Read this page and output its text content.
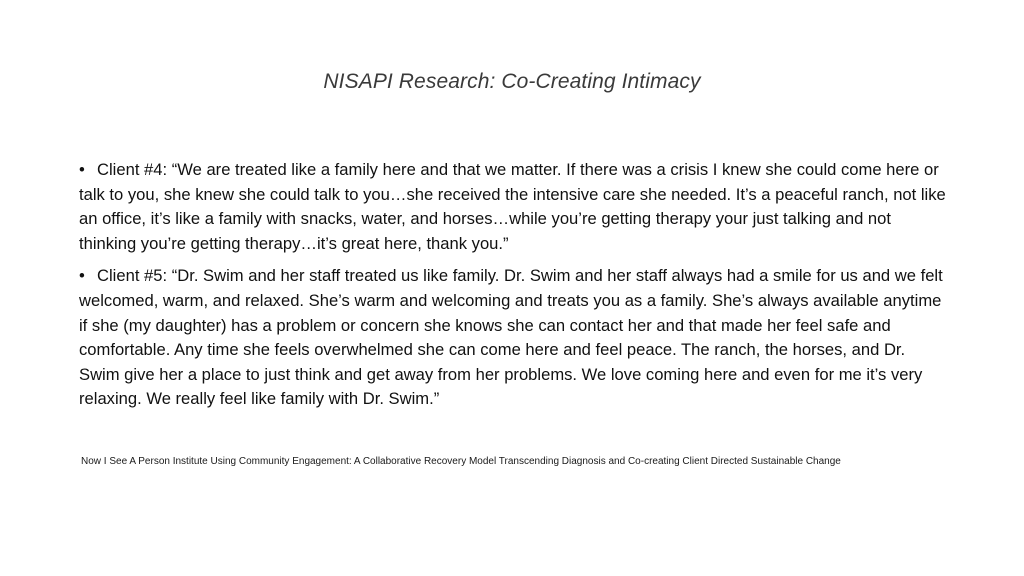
NISAPI Research: Co-Creating Intimacy
• Client #4: “We are treated like a family here and that we matter. If there was a crisis I knew she could come here or talk to you, she knew she could talk to you…she received the intensive care she needed. It’s a peaceful ranch, not like an office, it’s like a family with snacks, water, and horses…while you’re getting therapy your just talking and not thinking you’re getting therapy…it’s great here, thank you.”
• Client #5: “Dr. Swim and her staff treated us like family. Dr. Swim and her staff always had a smile for us and we felt welcomed, warm, and relaxed. She’s warm and welcoming and treats you as a family. She’s always available anytime if she (my daughter) has a problem or concern she knows she can contact her and that made her feel safe and comfortable. Any time she feels overwhelmed she can come here and feel peace. The ranch, the horses, and Dr. Swim give her a place to just think and get away from her problems. We love coming here and even for me it’s very relaxing. We really feel like family with Dr. Swim.”
Now I See A Person Institute Using Community Engagement: A Collaborative Recovery Model Transcending Diagnosis and Co-creating Client Directed Sustainable Change
